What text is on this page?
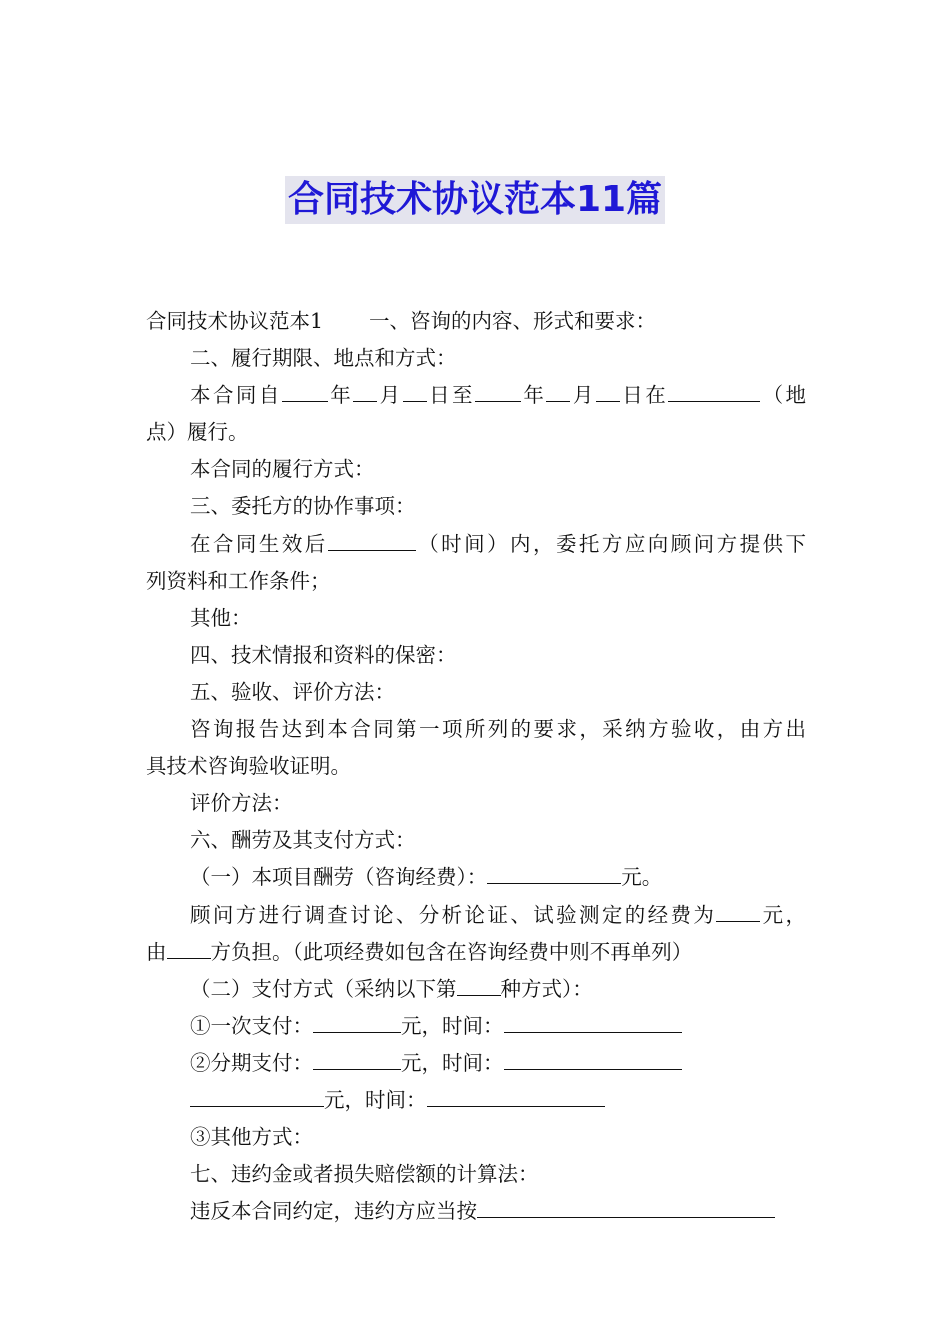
合同技术协议范本11篇
合同技术协议范本1 一、咨询的内容、形式和要求：
二、履行期限、地点和方式：
本合同自 年 月 日至 年 月 日在	（地
点）履行。
本合同的履行方式：
三、委托方的协作事项：
在合同生效后	（时间）内，委托方应向顾问方提供下
列资料和工作条件；
其他：
四、技术情报和资料的保密：
五、验收、评价方法：
咨询报告达到本合同第一项所列的要求，采纳方验收，由方出
具技术咨询验收证明。
评价方法：
六、酬劳及其支付方式：
（一）本项目酬劳（咨询经费）：	元。
顾问方进行调查讨论、分析论证、试验测定的经费为 元，
由 方负担。（此项经费如包含在咨询经费中则不再单列）
（二）支付方式（采纳以下第 种方式）：
①一次支付：	元，时间：
②分期支付：	元，时间：
元，时间：
③其他方式：
七、违约金或者损失赔偿额的计算法：
违反本合同约定，违约方应当按
